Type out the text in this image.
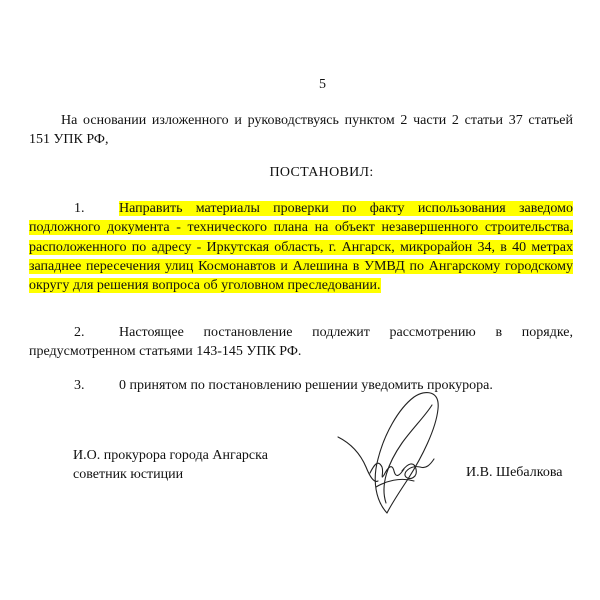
5
На основании изложенного и руководствуясь пунктом 2 части 2 статьи 37 статьей 151 УПК РФ,
ПОСТАНОВИЛ:
1. Направить материалы проверки по факту использования заведомо подложного документа - технического плана на объект незавершенного строительства, расположенного по адресу - Иркутская область, г. Ангарск, микрорайон 34, в 40 метрах западнее пересечения улиц Космонавтов и Алешина в УМВД по Ангарскому городскому округу для решения вопроса об уголовном преследовании.
2. Настоящее постановление подлежит рассмотрению в порядке, предусмотренном статьями 143-145 УПК РФ.
3. 0 принятом по постановлению решении уведомить прокурора.
И.О. прокурора города Ангарска
советник юстиции	И.В. Шебалкова
